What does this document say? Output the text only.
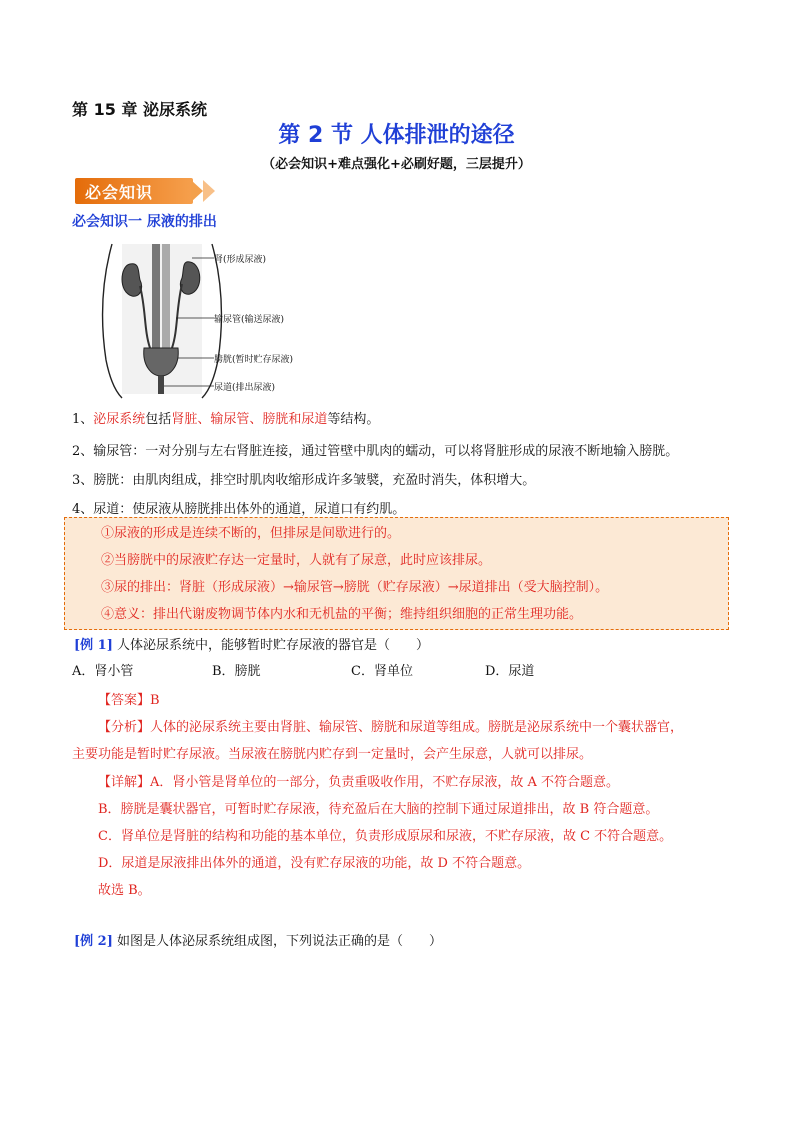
第 15 章 泌尿系统
第 2 节 人体排泄的途径
（必会知识+难点强化+必刷好题，三层提升）
必会知识
必会知识一 尿液的排出
肾(形成尿液)
输尿管(输送尿液)
膀胱(暂时贮存尿液)
尿道(排出尿液)
1、泌尿系统包括肾脏、输尿管、膀胱和尿道等结构。
2、输尿管：一对分别与左右肾脏连接，通过管壁中肌肉的蠕动，可以将肾脏形成的尿液不断地输入膀胱。
3、膀胱：由肌肉组成，排空时肌肉收缩形成许多皱襞，充盈时消失，体积增大。
4、尿道：使尿液从膀胱排出体外的通道，尿道口有约肌。
①尿液的形成是连续不断的，但排尿是间歇进行的。
②当膀胱中的尿液贮存达一定量时，人就有了尿意，此时应该排尿。
③尿的排出：肾脏（形成尿液）→输尿管→膀胱（贮存尿液）→尿道排出（受大脑控制）。
④意义：排出代谢废物调节体内水和无机盐的平衡；维持组织细胞的正常生理功能。
[例 1] 人体泌尿系统中，能够暂时贮存尿液的器官是（　　）
A．肾小管	B．膀胱	C．肾单位	D．尿道
【答案】B
【分析】人体的泌尿系统主要由肾脏、输尿管、膀胱和尿道等组成。膀胱是泌尿系统中一个囊状器官，
主要功能是暂时贮存尿液。当尿液在膀胱内贮存到一定量时，会产生尿意，人就可以排尿。
【详解】A．肾小管是肾单位的一部分，负责重吸收作用，不贮存尿液，故 A 不符合题意。
B．膀胱是囊状器官，可暂时贮存尿液，待充盈后在大脑的控制下通过尿道排出，故 B 符合题意。
C．肾单位是肾脏的结构和功能的基本单位，负责形成原尿和尿液，不贮存尿液，故 C 不符合题意。
D．尿道是尿液排出体外的通道，没有贮存尿液的功能，故 D 不符合题意。
故选 B。
[例 2] 如图是人体泌尿系统组成图，下列说法正确的是（　　）
